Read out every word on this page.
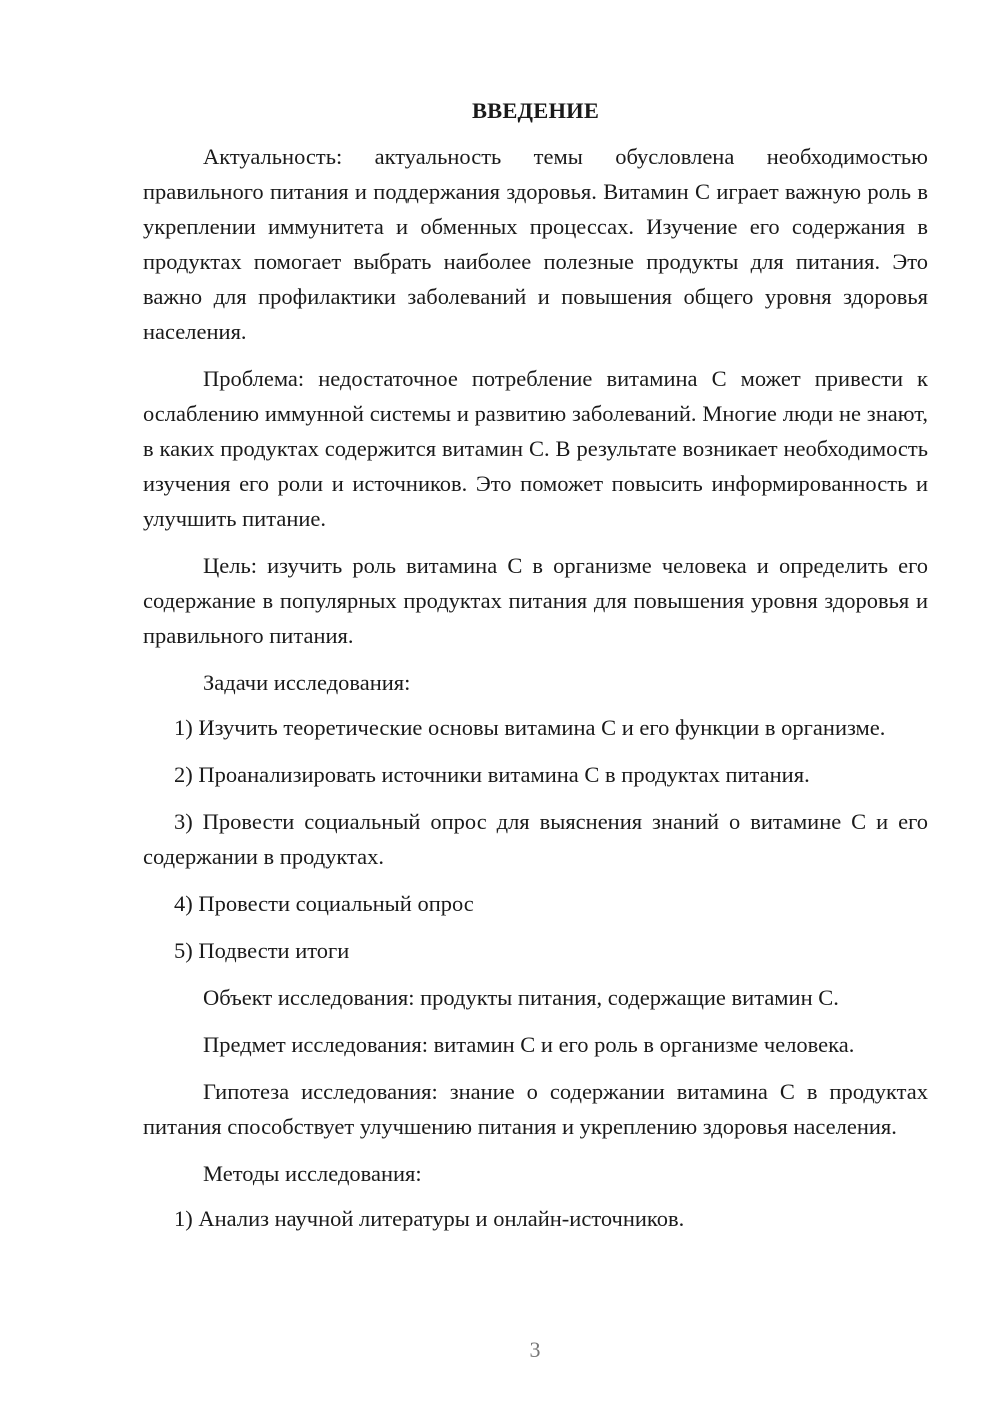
ВВЕДЕНИЕ

Актуальность: актуальность темы обусловлена необходимостью правильного питания и поддержания здоровья. Витамин С играет важную роль в укреплении иммунитета и обменных процессах. Изучение его содержания в продуктах помогает выбрать наиболее полезные продукты для питания. Это важно для профилактики заболеваний и повышения общего уровня здоровья населения.

Проблема: недостаточное потребление витамина С может привести к ослаблению иммунной системы и развитию заболеваний. Многие люди не знают, в каких продуктах содержится витамин С. В результате возникает необходимость изучения его роли и источников. Это поможет повысить информированность и улучшить питание.

Цель: изучить роль витамина С в организме человека и определить его содержание в популярных продуктах питания для повышения уровня здоровья и правильного питания.

Задачи исследования:

1) Изучить теоретические основы витамина С и его функции в организме.

2) Проанализировать источники витамина С в продуктах питания.

3) Провести социальный опрос для выяснения знаний о витамине С и его содержании в продуктах.

4) Провести социальный опрос

5) Подвести итоги

Объект исследования: продукты питания, содержащие витамин С.

Предмет исследования: витамин С и его роль в организме человека.

Гипотеза исследования: знание о содержании витамина С в продуктах питания способствует улучшению питания и укреплению здоровья населения.

Методы исследования:

1) Анализ научной литературы и онлайн-источников.

3
